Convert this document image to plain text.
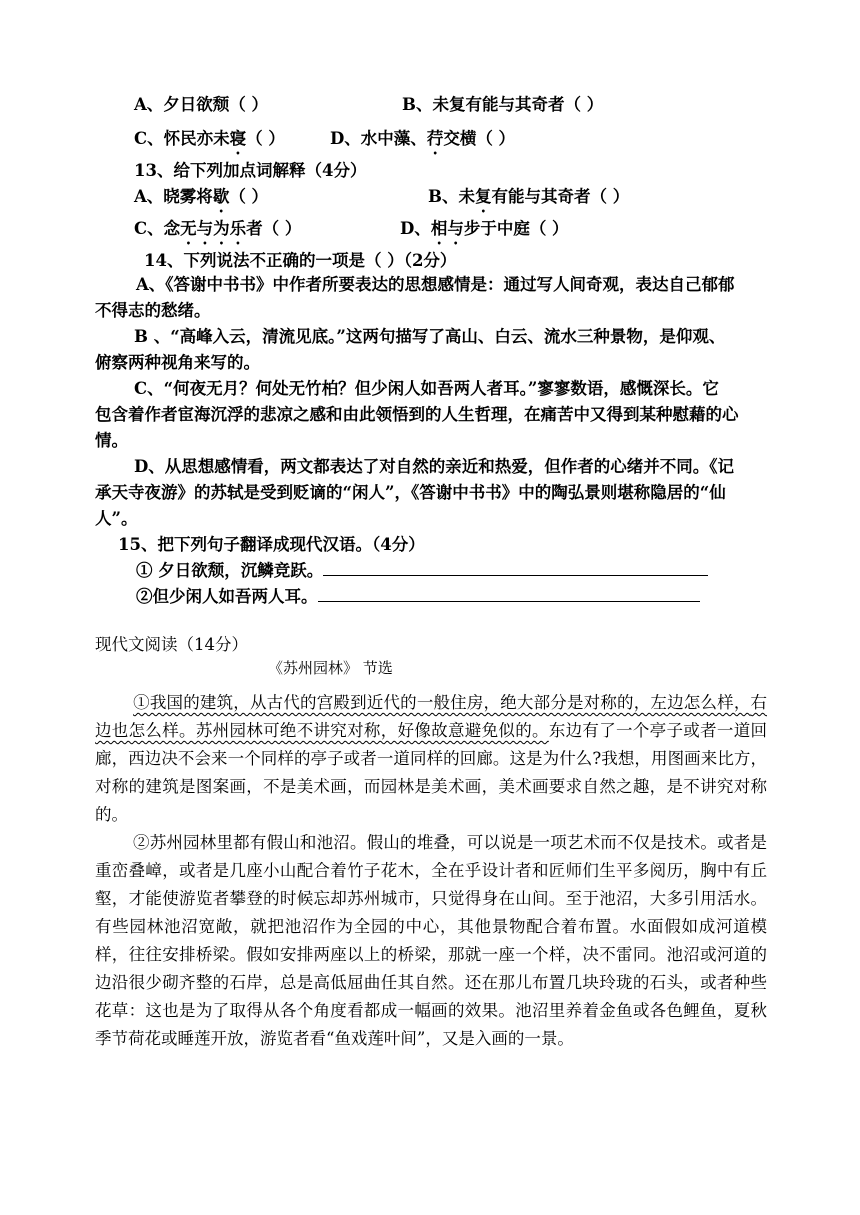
A、夕日欲颓（ ）	B、未复有能与其奇者（ ）
C、怀民亦未寝（ ）	D、水中藻、荇交横（ ）
13、给下列加点词解释（4分）
A、晓雾将歇（ ）	B、未复有能与其奇者（ ）
C、念无与为乐者（ ）	D、相与步于中庭（ ）
14、下列说法不正确的一项是（ ）（2分）
A、《答谢中书书》中作者所要表达的思想感情是：通过写人间奇观，表达自己郁郁
不得志的愁绪。
B 、“高峰入云，清流见底。”这两句描写了高山、白云、流水三种景物，是仰观、
俯察两种视角来写的。
C、“何夜无月？何处无竹柏？但少闲人如吾两人者耳。”寥寥数语，感慨深长。它
包含着作者宦海沉浮的悲凉之感和由此领悟到的人生哲理，在痛苦中又得到某种慰藉的心
情。
D、从思想感情看，两文都表达了对自然的亲近和热爱，但作者的心绪并不同。《记
承天寺夜游》的苏轼是受到贬谪的“闲人”，《答谢中书书》中的陶弘景则堪称隐居的“仙
人”。
15、把下列句子翻译成现代汉语。（4分）
① 夕日欲颓，沉鳞竞跃。
②但少闲人如吾两人耳。
现代文阅读（14分）
《苏州园林》 节选
①我国的建筑，从古代的宫殿到近代的一般住房，绝大部分是对称的，左边怎么样，右边也怎么样。苏州园林可绝不讲究对称，好像故意避免似的。东边有了一个亭子或者一道回廊，西边决不会来一个同样的亭子或者一道同样的回廊。这是为什么?我想，用图画来比方，对称的建筑是图案画，不是美术画，而园林是美术画，美术画要求自然之趣，是不讲究对称的。
②苏州园林里都有假山和池沼。假山的堆叠，可以说是一项艺术而不仅是技术。或者是重峦叠嶂，或者是几座小山配合着竹子花木，全在乎设计者和匠师们生平多阅历，胸中有丘壑，才能使游览者攀登的时候忘却苏州城市，只觉得身在山间。至于池沼，大多引用活水。有些园林池沼宽敞，就把池沼作为全园的中心，其他景物配合着布置。水面假如成河道模样，往往安排桥梁。假如安排两座以上的桥梁，那就一座一个样，决不雷同。池沼或河道的边沿很少砌齐整的石岸，总是高低屈曲任其自然。还在那儿布置几块玲珑的石头，或者种些花草：这也是为了取得从各个角度看都成一幅画的效果。池沼里养着金鱼或各色鲤鱼，夏秋季节荷花或睡莲开放，游览者看“鱼戏莲叶间”，又是入画的一景。
